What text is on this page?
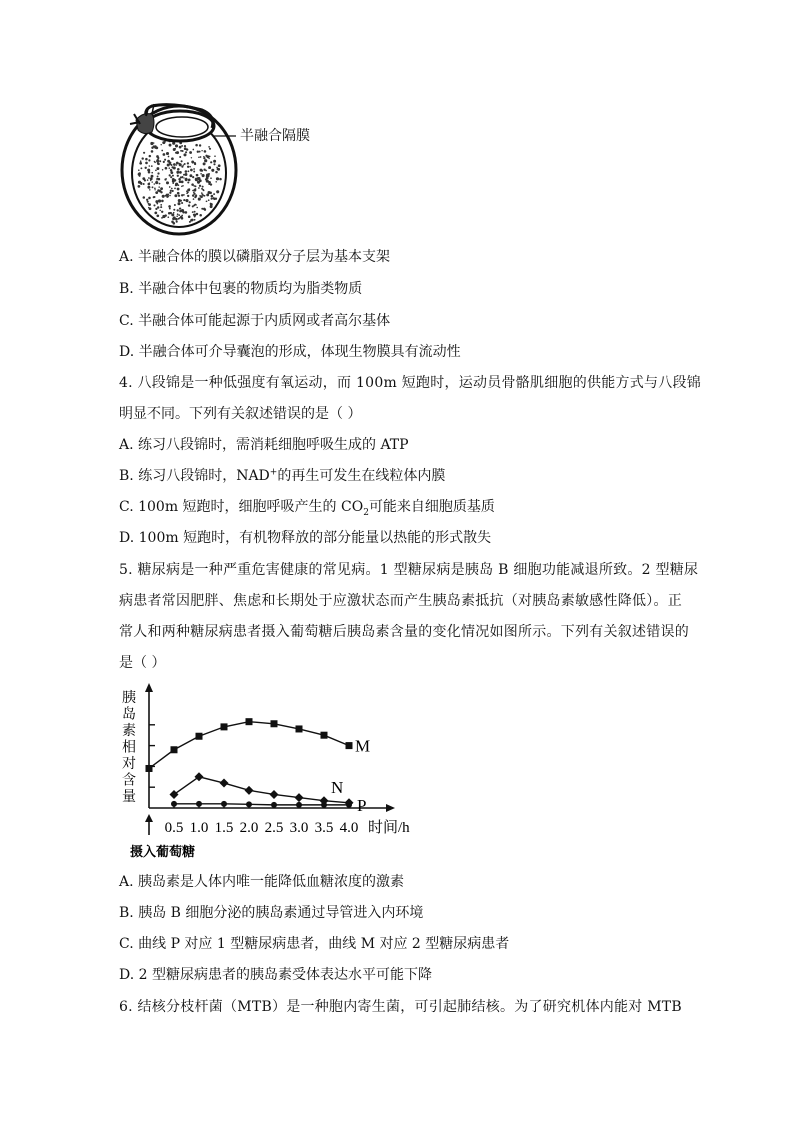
半融合隔膜
A. 半融合体的膜以磷脂双分子层为基本支架
B. 半融合体中包裹的物质均为脂类物质
C. 半融合体可能起源于内质网或者高尔基体
D. 半融合体可介导囊泡的形成，体现生物膜具有流动性
4. 八段锦是一种低强度有氧运动，而 100m 短跑时，运动员骨骼肌细胞的供能方式与八段锦
明显不同。下列有关叙述错误的是（ ）
A. 练习八段锦时，需消耗细胞呼吸生成的 ATP
B. 练习八段锦时，NAD+的再生可发生在线粒体内膜
C. 100m 短跑时，细胞呼吸产生的 $CO_2$可能来自细胞质基质
D. 100m 短跑时，有机物释放的部分能量以热能的形式散失
5. 糖尿病是一种严重危害健康的常见病。1 型糖尿病是胰岛 B 细胞功能减退所致。2 型糖尿
病患者常因肥胖、焦虑和长期处于应激状态而产生胰岛素抵抗（对胰岛素敏感性降低）。正
常人和两种糖尿病患者摄入葡萄糖后胰岛素含量的变化情况如图所示。下列有关叙述错误的
是（ ）
0.5 1.0 1.5 2.0 2.5 3.0 3.5 4.0
M
N
P
胰岛素相对含量
时间/h
摄入葡萄糖
A. 胰岛素是人体内唯一能降低血糖浓度的激素
B. 胰岛 B 细胞分泌的胰岛素通过导管进入内环境
C. 曲线 P 对应 1 型糖尿病患者，曲线 M 对应 2 型糖尿病患者
D. 2 型糖尿病患者的胰岛素受体表达水平可能下降
6. 结核分枝杆菌（MTB）是一种胞内寄生菌，可引起肺结核。为了研究机体内能对 MTB
